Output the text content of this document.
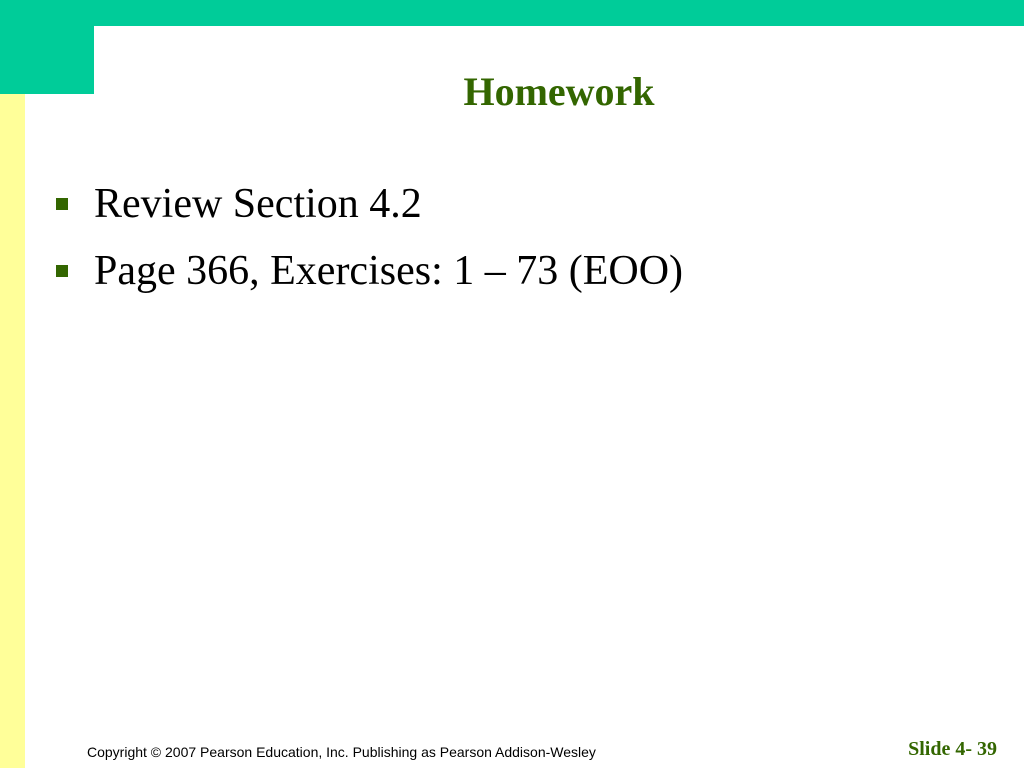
Homework
Review Section 4.2
Page 366, Exercises: 1 – 73 (EOO)
Copyright © 2007 Pearson Education, Inc. Publishing as Pearson Addison-Wesley	Slide 4- 39
